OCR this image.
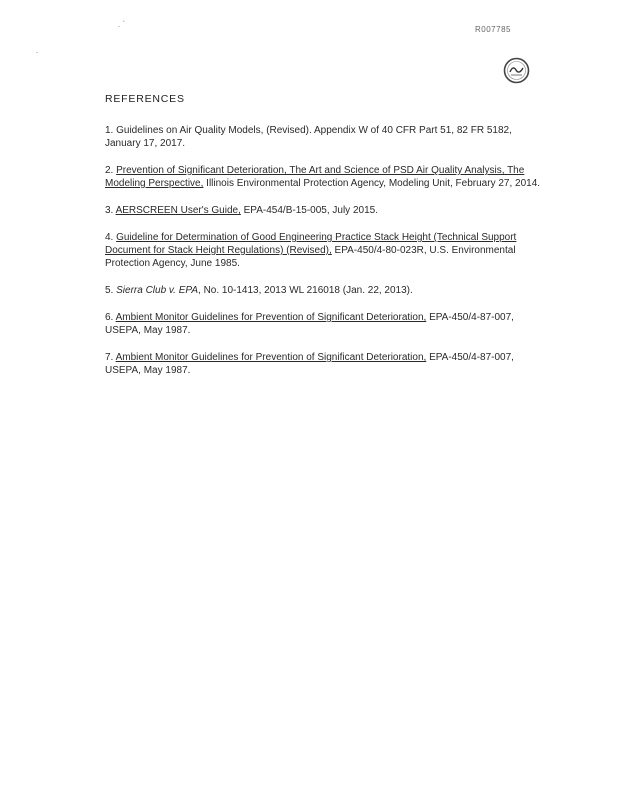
. `
.
R007785
REFERENCES

1. Guidelines on Air Quality Models, (Revised). Appendix W of 40 CFR Part 51, 82 FR 5182, January 17, 2017.

2. Prevention of Significant Deterioration, The Art and Science of PSD Air Quality Analysis, The Modeling Perspective, Illinois Environmental Protection Agency, Modeling Unit, February 27, 2014.

3. AERSCREEN User's Guide, EPA-454/B-15-005, July 2015.

4. Guideline for Determination of Good Engineering Practice Stack Height (Technical Support Document for Stack Height Regulations) (Revised), EPA-450/4-80-023R, U.S. Environmental Protection Agency, June 1985.

5. Sierra Club v. EPA, No. 10-1413, 2013 WL 216018 (Jan. 22, 2013).

6. Ambient Monitor Guidelines for Prevention of Significant Deterioration, EPA-450/4-87-007, USEPA, May 1987.

7. Ambient Monitor Guidelines for Prevention of Significant Deterioration, EPA-450/4-87-007, USEPA, May 1987.
